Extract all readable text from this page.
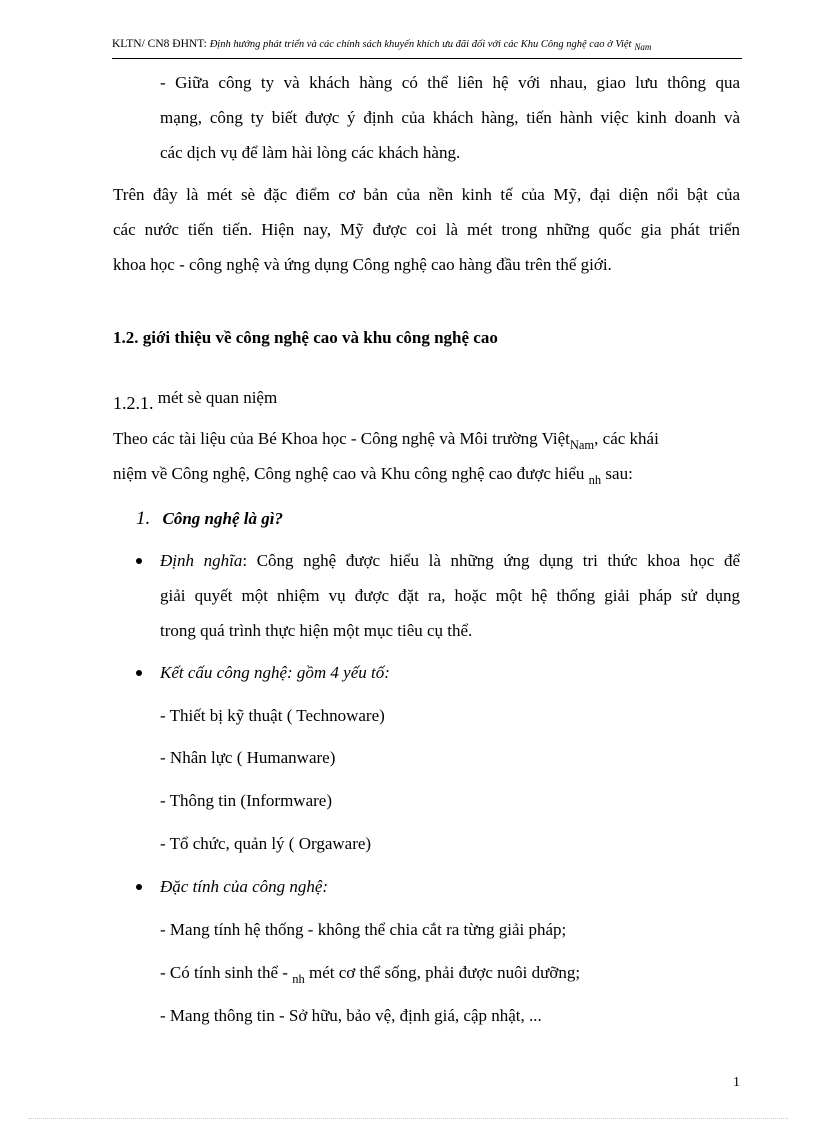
KLTN/ CN8 ĐHNT: Định hướng phát triển và các chính sách khuyến khích ưu đãi đối với các Khu Công nghệ cao ở Việt $_{Nam}$
- Giữa công ty và khách hàng có thể liên hệ với nhau, giao lưu thông qua
mạng, công ty biết được ý định của khách hàng, tiến hành việc kinh doanh và
các dịch vụ để làm hài lòng các khách hàng.
Trên đây là mét sè đặc điểm cơ bản của nền kinh tế của Mỹ, đại diện nổi bật của
các nước tiến tiến. Hiện nay, Mỹ được coi là mét trong những quốc gia phát triển
khoa học - công nghệ và ứng dụng Công nghệ cao hàng đầu trên thế giới.
1.2. giới thiệu về công nghệ cao và khu công nghệ cao
1.2.1. mét sè quan niệm
Theo các tài liệu của Bé Khoa học - Công nghệ và Môi trường Việt$_{Nam}$, các khái
niệm về Công nghệ, Công nghệ cao và Khu công nghệ cao được hiểu $_{nh}$ sau:
1. Công nghệ là gì?
Định nghĩa: Công nghệ được hiểu là những ứng dụng tri thức khoa học để
giải quyết một nhiệm vụ được đặt ra, hoặc một hệ thống giải pháp sử dụng
trong quá trình thực hiện một mục tiêu cụ thể.
Kết cấu công nghệ: gồm 4 yếu tố:
- Thiết bị kỹ thuật ( Technoware)
- Nhân lực ( Humanware)
- Thông tin (Informware)
- Tổ chức, quản lý ( Orgaware)
Đặc tính của công nghệ:
- Mang tính hệ thống - không thể chia cắt ra từng giải pháp;
- Có tính sinh thể - $_{nh}$ mét cơ thể sống, phải được nuôi dưỡng;
- Mang thông tin - Sở hữu, bảo vệ, định giá, cập nhật, ...
1
